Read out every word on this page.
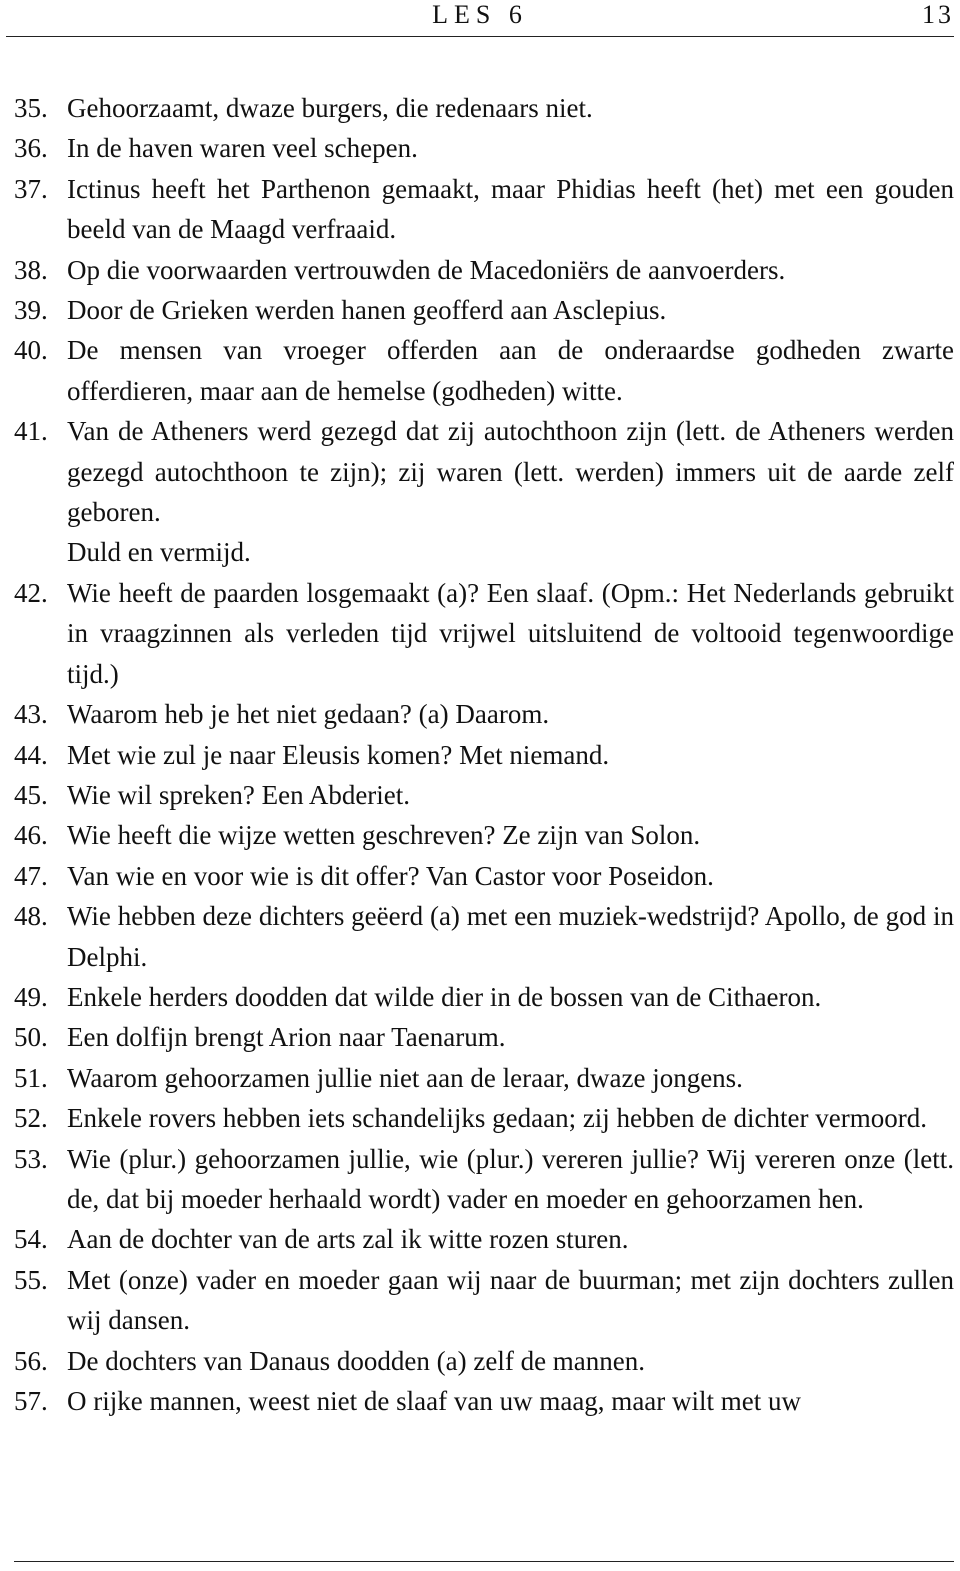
LES 6	13
35. Gehoorzaamt, dwaze burgers, die redenaars niet.
36. In de haven waren veel schepen.
37. Ictinus heeft het Parthenon gemaakt, maar Phidias heeft (het) met een gouden beeld van de Maagd verfraaid.
38. Op die voorwaarden vertrouwden de Macedoniërs de aanvoerders.
39. Door de Grieken werden hanen geofferd aan Asclepius.
40. De mensen van vroeger offerden aan de onderaardse godheden zwarte offerdieren, maar aan de hemelse (godheden) witte.
41. Van de Atheners werd gezegd dat zij autochthoon zijn (lett. de Atheners werden gezegd autochthoon te zijn); zij waren (lett. werden) immers uit de aarde zelf geboren.
Duld en vermijd.
42. Wie heeft de paarden losgemaakt (a)? Een slaaf. (Opm.: Het Nederlands gebruikt in vraagzinnen als verleden tijd vrijwel uitsluitend de voltooid tegenwoordige tijd.)
43. Waarom heb je het niet gedaan? (a) Daarom.
44. Met wie zul je naar Eleusis komen? Met niemand.
45. Wie wil spreken? Een Abderiet.
46. Wie heeft die wijze wetten geschreven? Ze zijn van Solon.
47. Van wie en voor wie is dit offer? Van Castor voor Poseidon.
48. Wie hebben deze dichters geëerd (a) met een muziek-wedstrijd? Apollo, de god in Delphi.
49. Enkele herders doodden dat wilde dier in de bossen van de Cithaeron.
50. Een dolfijn brengt Arion naar Taenarum.
51. Waarom gehoorzamen jullie niet aan de leraar, dwaze jongens.
52. Enkele rovers hebben iets schandelijks gedaan; zij hebben de dichter vermoord.
53. Wie (plur.) gehoorzamen jullie, wie (plur.) vereren jullie? Wij vereren onze (lett. de, dat bij moeder herhaald wordt) vader en moeder en gehoorzamen hen.
54. Aan de dochter van de arts zal ik witte rozen sturen.
55. Met (onze) vader en moeder gaan wij naar de buurman; met zijn dochters zullen wij dansen.
56. De dochters van Danaus doodden (a) zelf de mannen.
57. O rijke mannen, weest niet de slaaf van uw maag, maar wilt met uw
